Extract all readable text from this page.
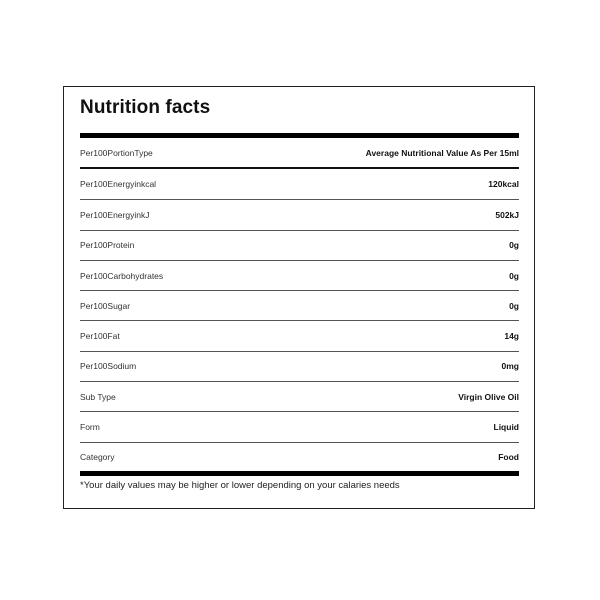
Nutrition facts
Per100PortionType	Average Nutritional Value As Per 15ml
Per100Energyinkcal	120kcal
Per100EnergyinkJ	502kJ
Per100Protein	0g
Per100Carbohydrates	0g
Per100Sugar	0g
Per100Fat	14g
Per100Sodium	0mg
Sub Type	Virgin Olive Oil
Form	Liquid
Category	Food
*Your daily values may be higher or lower depending on your calaries needs
